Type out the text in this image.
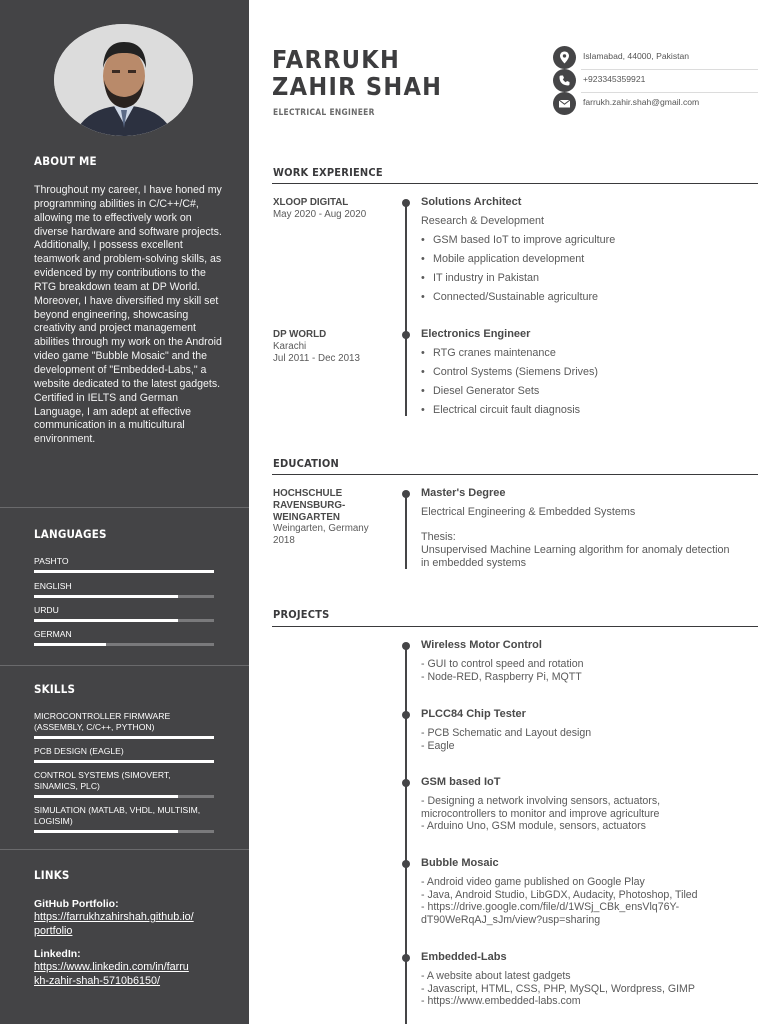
ABOUT ME
Throughout my career, I have honed my programming abilities in C/C++/C#, allowing me to effectively work on diverse hardware and software projects. Additionally, I possess excellent teamwork and problem-solving skills, as evidenced by my contributions to the RTG breakdown team at DP World. Moreover, I have diversified my skill set beyond engineering, showcasing creativity and project management abilities through my work on the Android video game "Bubble Mosaic" and the development of "Embedded-Labs," a website dedicated to the latest gadgets. Certified in IELTS and German Language, I am adept at effective communication in a multicultural environment.
LANGUAGES
PASHTO
ENGLISH
URDU
GERMAN
SKILLS
MICROCONTROLLER FIRMWARE (ASSEMBLY, C/C++, PYTHON)
PCB DESIGN (EAGLE)
CONTROL SYSTEMS (SIMOVERT, SINAMICS, PLC)
SIMULATION (MATLAB, VHDL, MULTISIM, LOGISIM)
LINKS
GitHub Portfolio:
https://farrukhzahirshah.github.io/
portfolio
LinkedIn:
https://www.linkedin.com/in/farru
kh-zahir-shah-5710b6150/
FARRUKH
ZAHIR SHAH
ELECTRICAL ENGINEER
Islamabad, 44000, Pakistan
+923345359921
farrukh.zahir.shah@gmail.com
WORK EXPERIENCE
XLOOP DIGITAL
May 2020 - Aug 2020
Solutions Architect
Research & Development
• GSM based IoT to improve agriculture
• Mobile application development
• IT industry in Pakistan
• Connected/Sustainable agriculture
DP WORLD
Karachi
Jul 2011 - Dec 2013
Electronics Engineer
• RTG cranes maintenance
• Control Systems (Siemens Drives)
• Diesel Generator Sets
• Electrical circuit fault diagnosis
EDUCATION
HOCHSCHULE
RAVENSBURG-
WEINGARTEN
Weingarten, Germany
2018
Master's Degree
Electrical Engineering & Embedded Systems
Thesis:
Unsupervised Machine Learning algorithm for anomaly detection
in embedded systems
PROJECTS
Wireless Motor Control
- GUI to control speed and rotation
- Node-RED, Raspberry Pi, MQTT
PLCC84 Chip Tester
- PCB Schematic and Layout design
- Eagle
GSM based IoT
- Designing a network involving sensors, actuators,
microcontrollers to monitor and improve agriculture
- Arduino Uno, GSM module, sensors, actuators
Bubble Mosaic
- Android video game published on Google Play
- Java, Android Studio, LibGDX, Audacity, Photoshop, Tiled
- https://drive.google.com/file/d/1WSj_CBk_ensVlq76Y-
dT90WeRqAJ_sJm/view?usp=sharing
Embedded-Labs
- A website about latest gadgets
- Javascript, HTML, CSS, PHP, MySQL, Wordpress, GIMP
- https://www.embedded-labs.com
